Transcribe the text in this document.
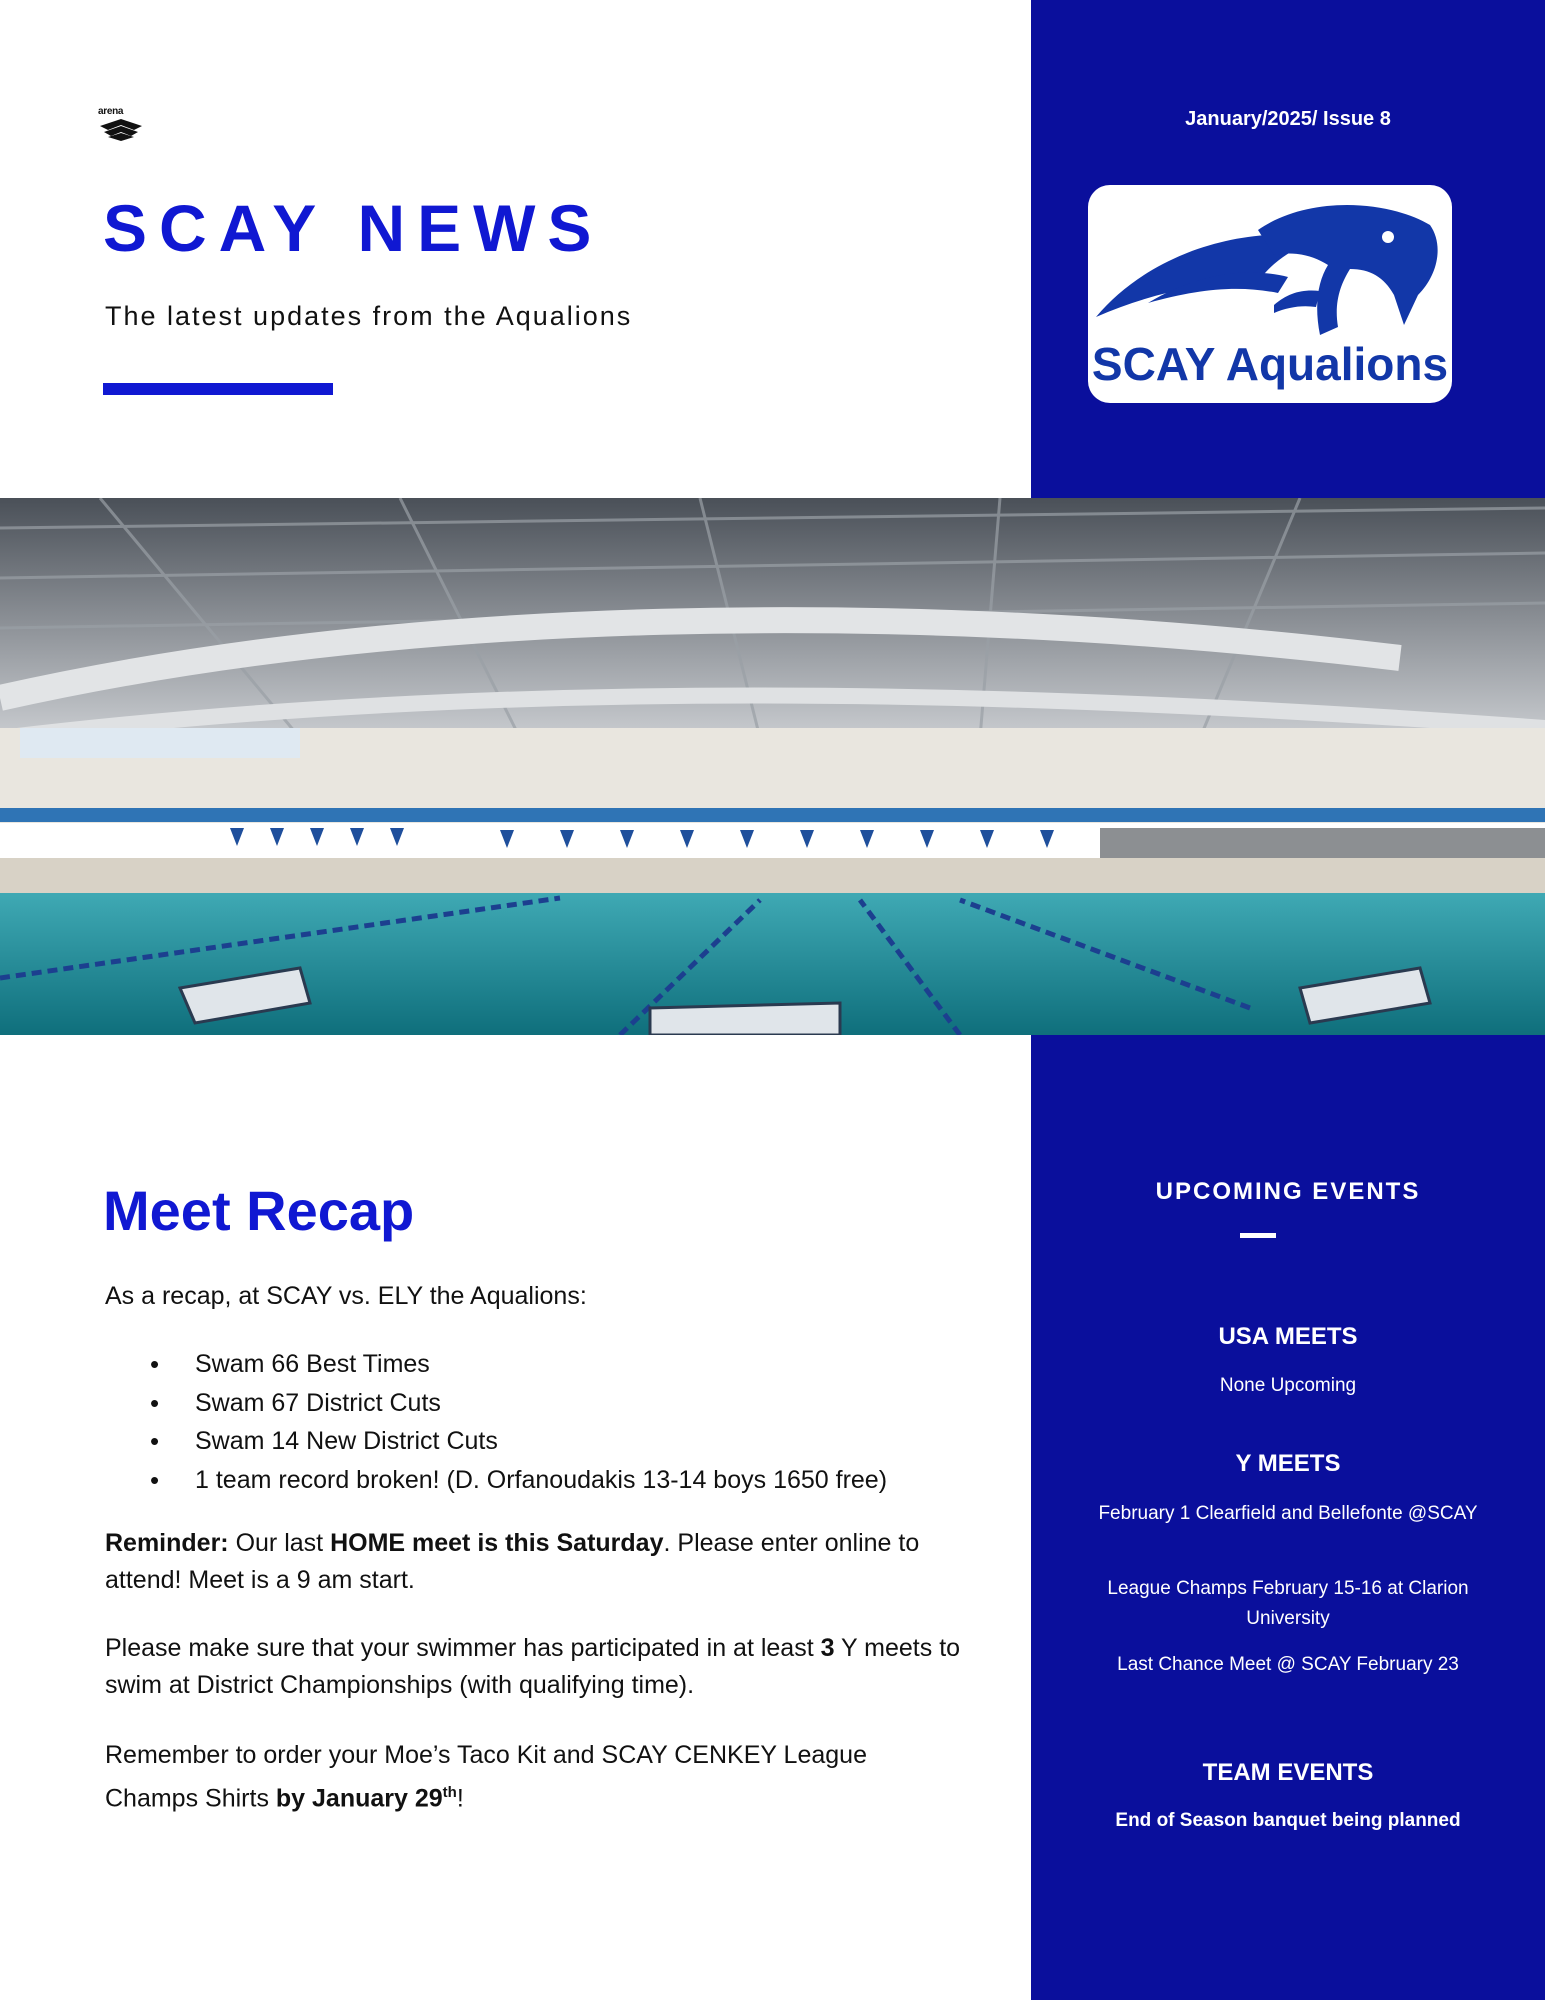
arena
SCAY NEWS
The latest updates from the Aqualions
January/2025/ Issue 8
SCAY Aqualions
Meet Recap
As a recap, at SCAY vs. ELY the Aqualions:
• Swam 66 Best Times
• Swam 67 District Cuts
• Swam 14 New District Cuts
• 1 team record broken! (D. Orfanoudakis 13-14 boys 1650 free)
Reminder: Our last HOME meet is this Saturday. Please enter online to attend! Meet is a 9 am start.
Please make sure that your swimmer has participated in at least 3 Y meets to swim at District Championships (with qualifying time).
Remember to order your Moe’s Taco Kit and SCAY CENKEY League Champs Shirts by January 29th!
UPCOMING EVENTS
USA MEETS
None Upcoming
Y MEETS
February 1 Clearfield and Bellefonte @SCAY
League Champs February 15-16 at Clarion University
Last Chance Meet @ SCAY February 23
TEAM EVENTS
End of Season banquet being planned
